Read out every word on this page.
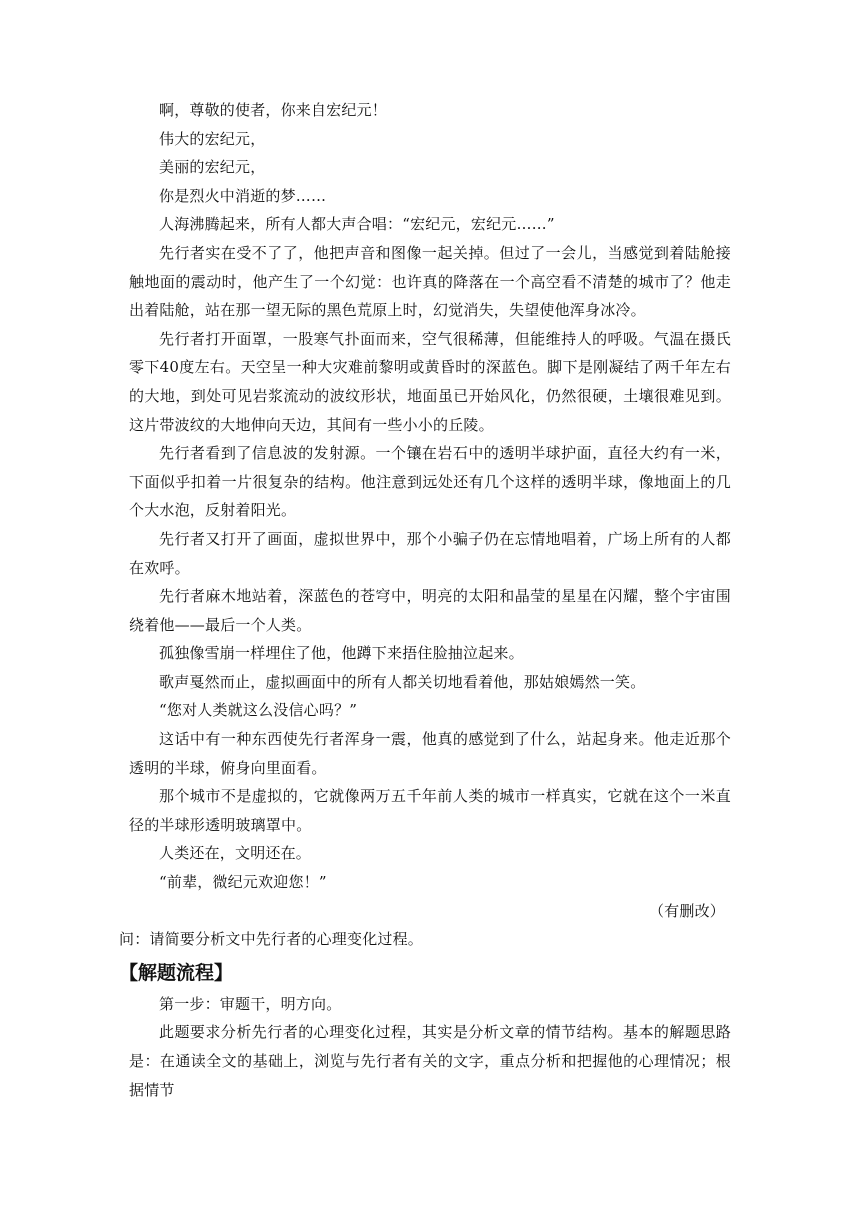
啊，尊敬的使者，你来自宏纪元！

伟大的宏纪元，

美丽的宏纪元，

你是烈火中消逝的梦……

人海沸腾起来，所有人都大声合唱：“宏纪元，宏纪元……”

先行者实在受不了了，他把声音和图像一起关掉。但过了一会儿，当感觉到着陆舱接触地面的震动时，他产生了一个幻觉：也许真的降落在一个高空看不清楚的城市了？他走出着陆舱，站在那一望无际的黑色荒原上时，幻觉消失，失望使他浑身冰冷。

先行者打开面罩，一股寒气扑面而来，空气很稀薄，但能维持人的呼吸。气温在摄氏零下40度左右。天空呈一种大灾难前黎明或黄昏时的深蓝色。脚下是刚凝结了两千年左右的大地，到处可见岩浆流动的波纹形状，地面虽已开始风化，仍然很硬，土壤很难见到。这片带波纹的大地伸向天边，其间有一些小小的丘陵。

先行者看到了信息波的发射源。一个镶在岩石中的透明半球护面，直径大约有一米，下面似乎扣着一片很复杂的结构。他注意到远处还有几个这样的透明半球，像地面上的几个大水泡，反射着阳光。

先行者又打开了画面，虚拟世界中，那个小骗子仍在忘情地唱着，广场上所有的人都在欢呼。

先行者麻木地站着，深蓝色的苍穹中，明亮的太阳和晶莹的星星在闪耀，整个宇宙围绕着他——最后一个人类。

孤独像雪崩一样埋住了他，他蹲下来捂住脸抽泣起来。

歌声戛然而止，虚拟画面中的所有人都关切地看着他，那姑娘嫣然一笑。

“您对人类就这么没信心吗？”

这话中有一种东西使先行者浑身一震，他真的感觉到了什么，站起身来。他走近那个透明的半球，俯身向里面看。

那个城市不是虚拟的，它就像两万五千年前人类的城市一样真实，它就在这个一米直径的半球形透明玻璃罩中。

人类还在，文明还在。

“前辈，微纪元欢迎您！”

（有删改）

问：请简要分析文中先行者的心理变化过程。

【解题流程】

第一步：审题干，明方向。

此题要求分析先行者的心理变化过程，其实是分析文章的情节结构。基本的解题思路是：在通读全文的基础上，浏览与先行者有关的文字，重点分析和把握他的心理情况；根据情节
